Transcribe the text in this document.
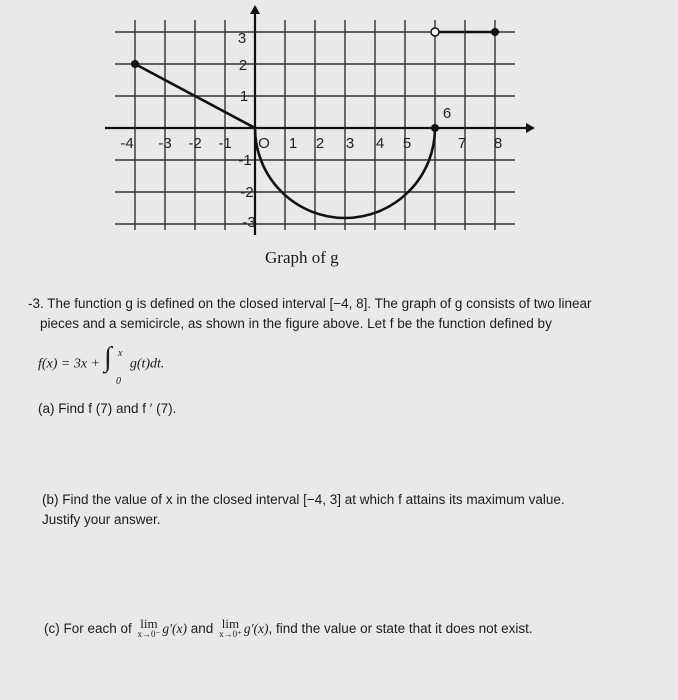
-4 -3 -2 -1 O 1 2 3 4 5	7 8
6
3
2
1
-1
-2
-3
Graph of g

-3. The function g is defined on the closed interval [−4, 8]. The graph of g consists of two linear

pieces and a semicircle, as shown in the figure above. Let f be the function defined by

f(x) = 3x + ∫ x
0
g(t)dt.
(a) Find f (7) and f ′ (7).

(b) Find the value of x in the closed interval [−4, 3] at which f attains its maximum value.

Justify your answer.

(c) For each of lim
x→0⁻ g′(x) and lim
x→0⁺ g′(x), find the value or state that it does not exist.
